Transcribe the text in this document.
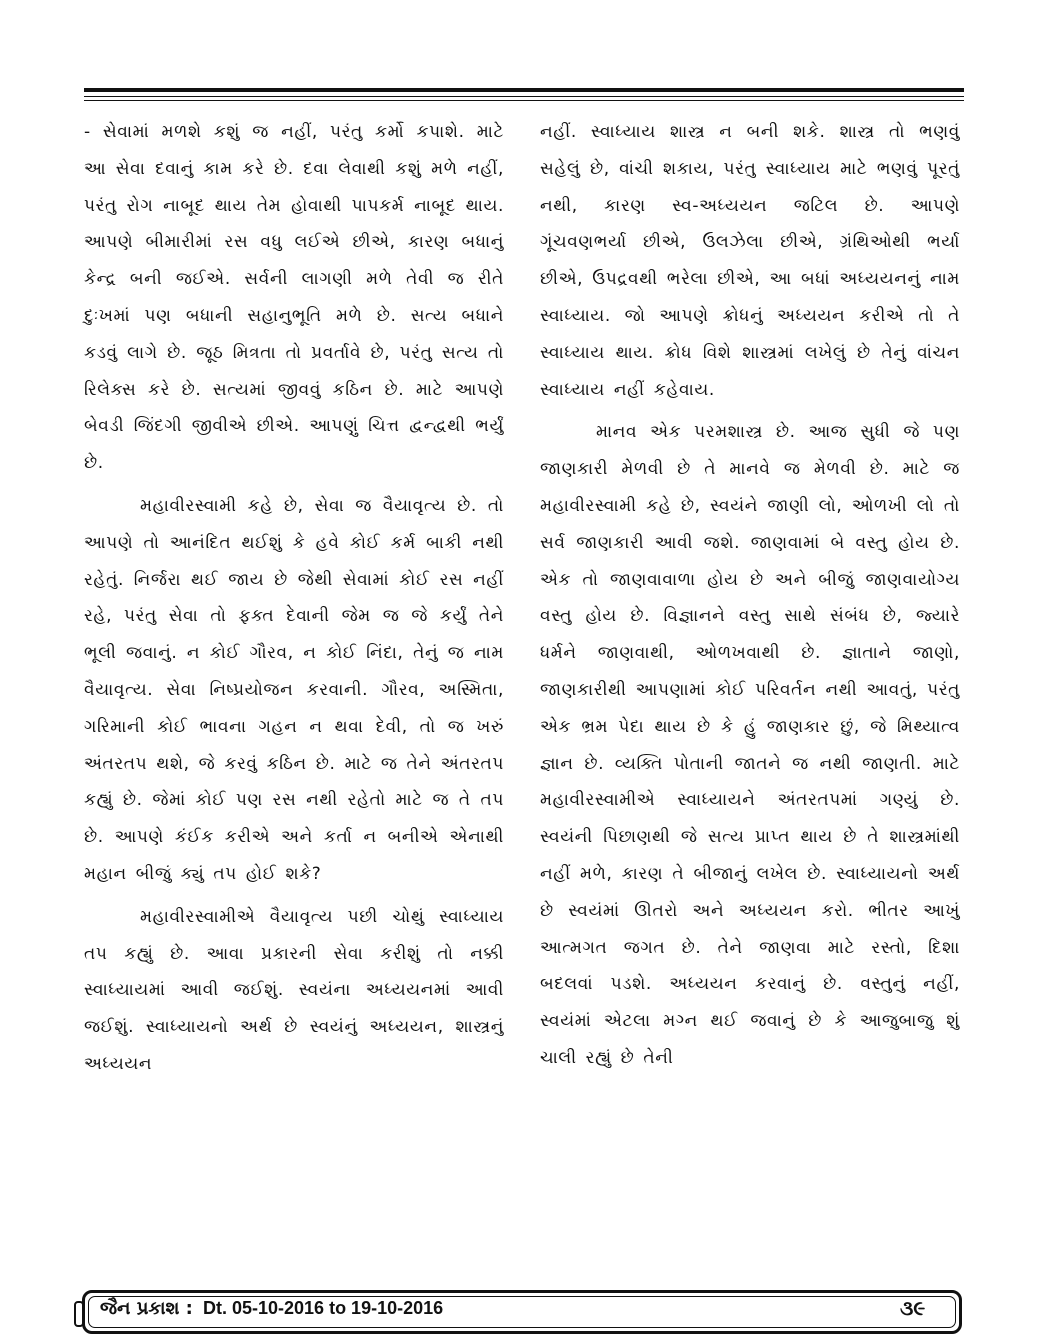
- સેવામાં મળશે કશું જ નહીં, પરંતુ કર્મો કપાશે. માટે આ સેવા દવાનું કામ કરે છે. દવા લેવાથી કશું મળે નહીં, પરંતુ રોગ નાબૂદ થાય તેમ હોવાથી પાપકર્મ નાબૂદ થાય. આપણે બીમારીમાં રસ વધુ લઈએ છીએ, કારણ બધાનું કેન્દ્ર બની જઈએ. સર્વની લાગણી મળે તેવી જ રીતે દુઃખમાં પણ બધાની સહાનુભૂતિ મળે છે. સત્ય બધાને કડવું લાગે છે. જૂઠ મિત્રતા તો પ્રવર્તાવે છે, પરંતુ સત્ય તો રિલેક્સ કરે છે. સત્યમાં જીવવું કઠિન છે. માટે આપણે બેવડી જિંદગી જીવીએ છીએ. આપણું ચિત્ત દ્વન્દ્વથી ભર્યું છે.

મહાવીરસ્વામી કહે છે, સેવા જ વૈયાવૃત્ય છે. તો આપણે તો આનંદિત થઈશું કે હવે કોઈ કર્મ બાકી નથી રહેતું. નિર્જરા થઈ જાય છે જેથી સેવામાં કોઈ રસ નહીં રહે, પરંતુ સેવા તો ફક્ત દેવાની જેમ જ જે કર્યું તેને ભૂલી જવાનું. ન કોઈ ગૌરવ, ન કોઈ નિંદા, તેનું જ નામ વૈયાવૃત્ય. સેવા નિષ્પ્રયોજન કરવાની. ગૌરવ, અસ્મિતા, ગરિમાની કોઈ ભાવના ગહન ન થવા દેવી, તો જ ખરું અંતરતપ થશે, જે કરવું કઠિન છે. માટે જ તેને અંતરતપ કહ્યું છે. જેમાં કોઈ પણ રસ નથી રહેતો માટે જ તે તપ છે. આપણે કંઈક કરીએ અને કર્તા ન બનીએ એનાથી મહાન બીજું ક્યું તપ હોઈ શકે?

મહાવીરસ્વામીએ વૈયાવૃત્ય પછી ચોથું સ્વાધ્યાય તપ કહ્યું છે. આવા પ્રકારની સેવા કરીશું તો નક્કી સ્વાધ્યાયમાં આવી જઈશું. સ્વયંના અધ્યયનમાં આવી જઈશું. સ્વાધ્યાયનો અર્થ છે સ્વયંનું અધ્યયન, શાસ્ત્રનું અધ્યયન

નહીં. સ્વાધ્યાય શાસ્ત્ર ન બની શકે. શાસ્ત્ર તો ભણવું સહેલું છે, વાંચી શકાય, પરંતુ સ્વાધ્યાય માટે ભણવું પૂરતું નથી, કારણ સ્વ-અધ્યયન જટિલ છે. આપણે ગૂંચવણભર્યા છીએ, ઉલઝેલા છીએ, ગ્રંથિઓથી ભર્યા છીએ, ઉપદ્રવથી ભરેલા છીએ, આ બધાં અધ્યયનનું નામ સ્વાધ્યાય. જો આપણે ક્રોધનું અધ્યયન કરીએ તો તે સ્વાધ્યાય થાય. ક્રોધ વિશે શાસ્ત્રમાં લખેલું છે તેનું વાંચન સ્વાધ્યાય નહીં કહેવાય.

માનવ એક પરમશાસ્ત્ર છે. આજ સુધી જે પણ જાણકારી મેળવી છે તે માનવે જ મેળવી છે. માટે જ મહાવીરસ્વામી કહે છે, સ્વયંને જાણી લો, ઓળખી લો તો સર્વ જાણકારી આવી જશે. જાણવામાં બે વસ્તુ હોય છે. એક તો જાણવાવાળા હોય છે અને બીજું જાણવાયોગ્ય વસ્તુ હોય છે. વિજ્ઞાનને વસ્તુ સાથે સંબંધ છે, જ્યારે ધર્મને જાણવાથી, ઓળખવાથી છે. જ્ઞાતાને જાણો, જાણકારીથી આપણામાં કોઈ પરિવર્તન નથી આવતું, પરંતુ એક ભ્રમ પેદા થાય છે કે હું જાણકાર છું, જે મિથ્યાત્વ જ્ઞાન છે. વ્યક્તિ પોતાની જાતને જ નથી જાણતી. માટે મહાવીરસ્વામીએ સ્વાધ્યાયને અંતરતપમાં ગણ્યું છે. સ્વયંની પિછાણથી જે સત્ય પ્રાપ્ત થાય છે તે શાસ્ત્રમાંથી નહીં મળે, કારણ તે બીજાનું લખેલ છે. સ્વાધ્યાયનો અર્થ છે સ્વયંમાં ઊતરો અને અધ્યયન કરો. ભીતર આખું આત્મગત જગત છે. તેને જાણવા માટે રસ્તો, દિશા બદલવાં પડશે. અધ્યયન કરવાનું છે. વસ્તુનું નહીં, સ્વયંમાં એટલા મગ્ન થઈ જવાનું છે કે આજુબાજુ શું ચાલી રહ્યું છે તેની

જૈન પ્રકાશ : Dt. 05-10-2016 to 19-10-2016	૩૯
